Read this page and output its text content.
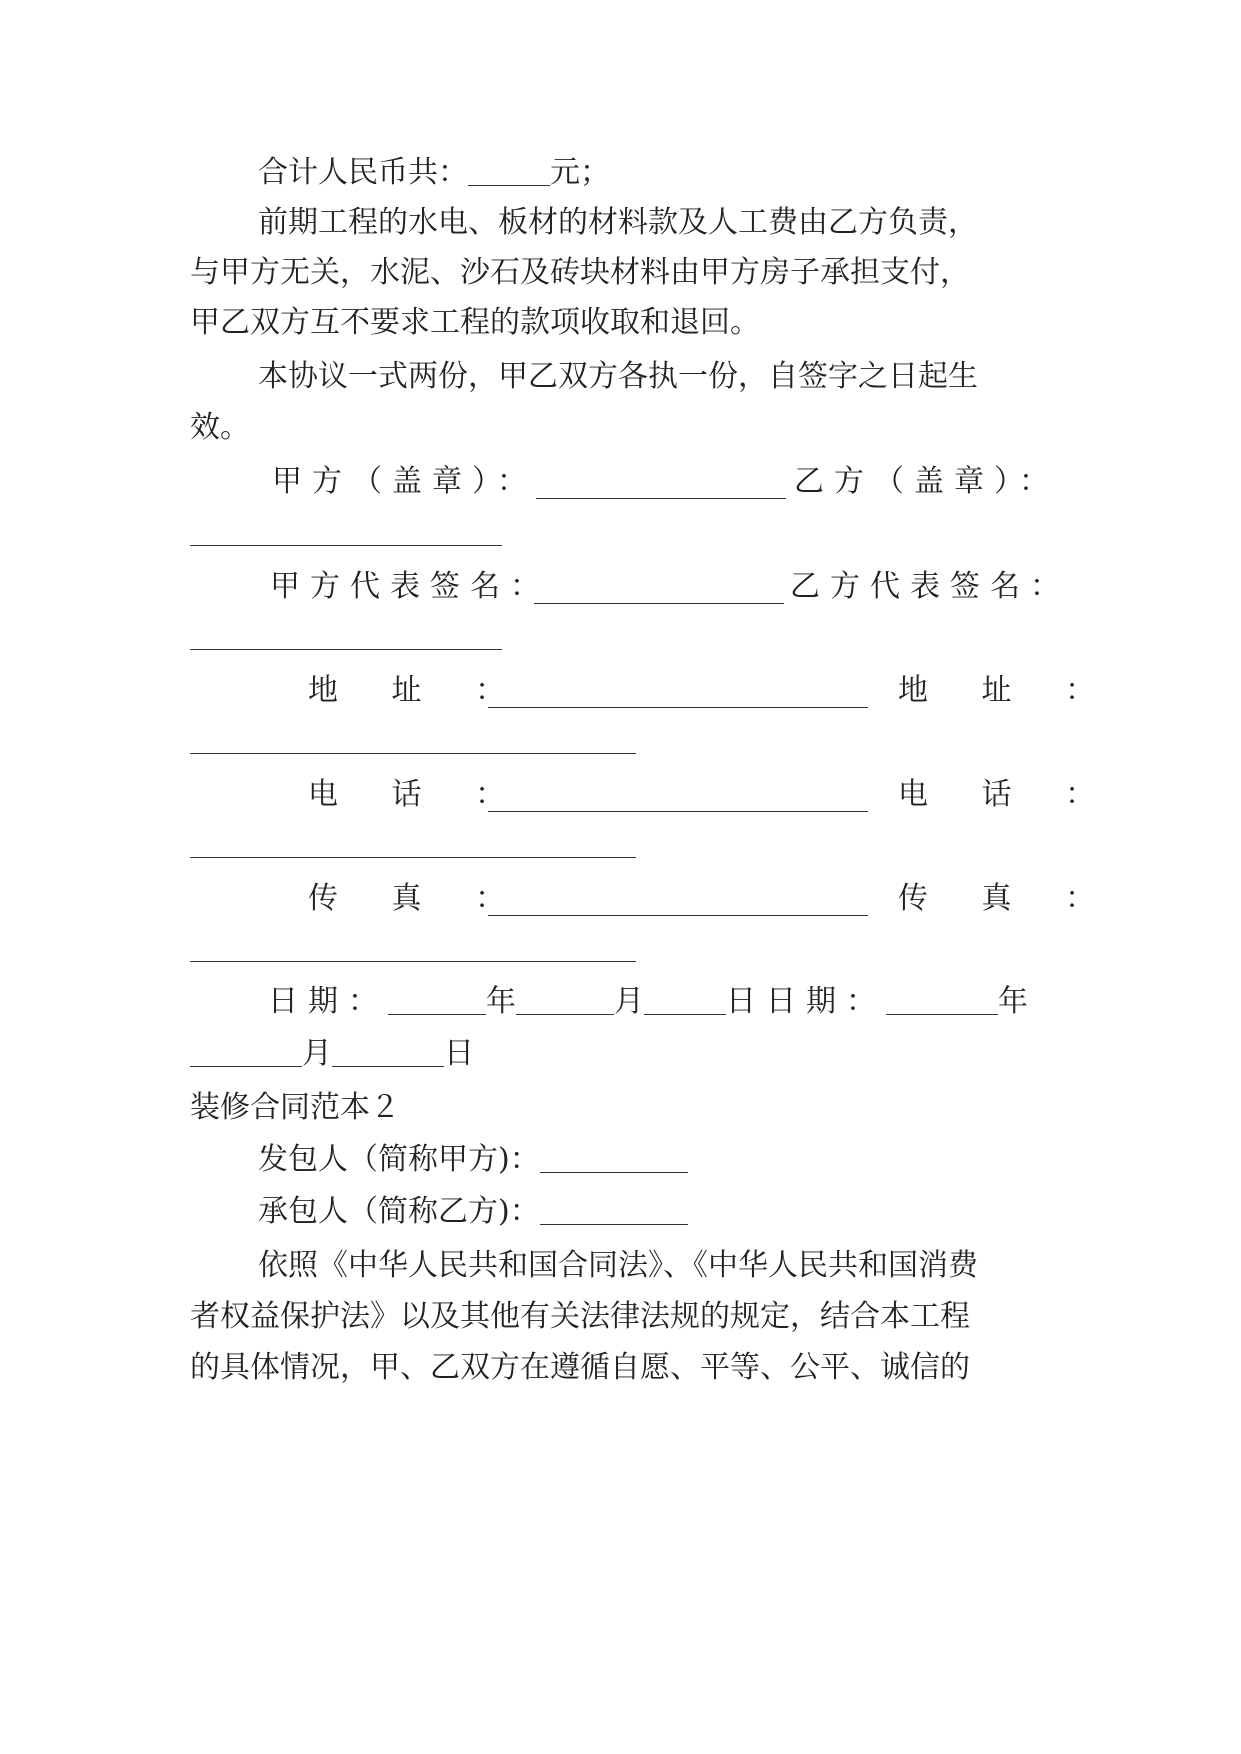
合计人民币共：	元；
前期工程的水电、板材的材料款及人工费由乙方负责，
与甲方无关，水泥、沙石及砖块材料由甲方房子承担支付，
甲乙双方互不要求工程的款项收取和退回。
本协议一式两份，甲乙双方各执一份，自签字之日起生
效。
甲方（盖章）：	乙方（盖章）：
甲方代表签名：	乙方代表签名：
地 址 ：	地 址 ：
电 话 ：	电 话 ：
传 真 ：	传 真 ：
日期：	年	月	日日期：	年
月	日
装修合同范本２
发包人（简称甲方)：
承包人（简称乙方)：
依照《中华人民共和国合同法》、《中华人民共和国消费
者权益保护法》以及其他有关法律法规的规定，结合本工程
的具体情况，甲、乙双方在遵循自愿、平等、公平、诚信的
